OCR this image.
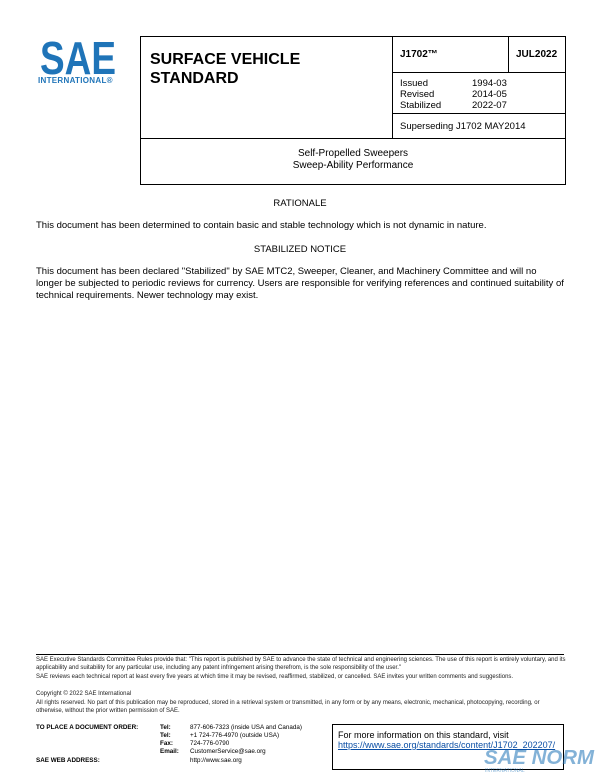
SAE
INTERNATIONAL®
SURFACE VEHICLE
STANDARD
J1702™	JUL2022
Issued	1994-03
Revised	2014-05
Stabilized	2022-07
Superseding J1702 MAY2014
Self-Propelled Sweepers
Sweep-Ability Performance
RATIONALE
This document has been determined to contain basic and stable technology which is not dynamic in nature.
STABILIZED NOTICE
This document has been declared "Stabilized" by SAE MTC2, Sweeper, Cleaner, and Machinery Committee and will no longer be subjected to periodic reviews for currency. Users are responsible for verifying references and continued suitability of technical requirements. Newer technology may exist.
SAE Executive Standards Committee Rules provide that: "This report is published by SAE to advance the state of technical and engineering sciences. The use of this report is entirely voluntary, and its applicability and suitability for any particular use, including any patent infringement arising therefrom, is the sole responsibility of the user."
SAE reviews each technical report at least every five years at which time it may be revised, reaffirmed, stabilized, or cancelled. SAE invites your written comments and suggestions.
Copyright © 2022 SAE International
All rights reserved. No part of this publication may be reproduced, stored in a retrieval system or transmitted, in any form or by any means, electronic, mechanical, photocopying, recording, or otherwise, without the prior written permission of SAE.
TO PLACE A DOCUMENT ORDER:	Tel:	877-606-7323 (inside USA and Canada)
Tel:	+1 724-776-4970 (outside USA)
Fax:	724-776-0790
Email: CustomerService@sae.org
SAE WEB ADDRESS:	http://www.sae.org
For more information on this standard, visit
https://www.sae.org/standards/content/J1702_202207/
SAE NORM
INTERNATIONAL
